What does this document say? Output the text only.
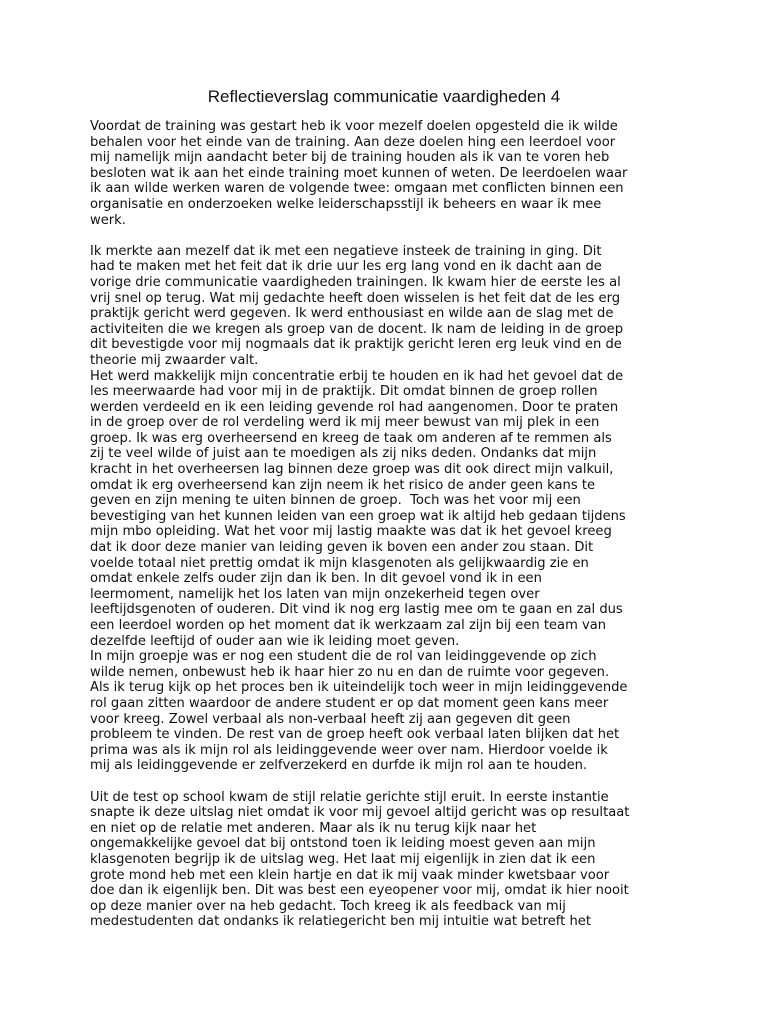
Reflectieverslag communicatie vaardigheden 4
Voordat de training was gestart heb ik voor mezelf doelen opgesteld die ik wilde
behalen voor het einde van de training. Aan deze doelen hing een leerdoel voor
mij namelijk mijn aandacht beter bij de training houden als ik van te voren heb
besloten wat ik aan het einde training moet kunnen of weten. De leerdoelen waar
ik aan wilde werken waren de volgende twee: omgaan met conflicten binnen een
organisatie en onderzoeken welke leiderschapsstijl ik beheers en waar ik mee
werk.
Ik merkte aan mezelf dat ik met een negatieve insteek de training in ging. Dit
had te maken met het feit dat ik drie uur les erg lang vond en ik dacht aan de
vorige drie communicatie vaardigheden trainingen. Ik kwam hier de eerste les al
vrij snel op terug. Wat mij gedachte heeft doen wisselen is het feit dat de les erg
praktijk gericht werd gegeven. Ik werd enthousiast en wilde aan de slag met de
activiteiten die we kregen als groep van de docent. Ik nam de leiding in de groep
dit bevestigde voor mij nogmaals dat ik praktijk gericht leren erg leuk vind en de
theorie mij zwaarder valt.
Het werd makkelijk mijn concentratie erbij te houden en ik had het gevoel dat de
les meerwaarde had voor mij in de praktijk. Dit omdat binnen de groep rollen
werden verdeeld en ik een leiding gevende rol had aangenomen. Door te praten
in de groep over de rol verdeling werd ik mij meer bewust van mij plek in een
groep. Ik was erg overheersend en kreeg de taak om anderen af te remmen als
zij te veel wilde of juist aan te moedigen als zij niks deden. Ondanks dat mijn
kracht in het overheersen lag binnen deze groep was dit ook direct mijn valkuil,
omdat ik erg overheersend kan zijn neem ik het risico de ander geen kans te
geven en zijn mening te uiten binnen de groep.  Toch was het voor mij een
bevestiging van het kunnen leiden van een groep wat ik altijd heb gedaan tijdens
mijn mbo opleiding. Wat het voor mij lastig maakte was dat ik het gevoel kreeg
dat ik door deze manier van leiding geven ik boven een ander zou staan. Dit
voelde totaal niet prettig omdat ik mijn klasgenoten als gelijkwaardig zie en
omdat enkele zelfs ouder zijn dan ik ben. In dit gevoel vond ik in een
leermoment, namelijk het los laten van mijn onzekerheid tegen over
leeftijdsgenoten of ouderen. Dit vind ik nog erg lastig mee om te gaan en zal dus
een leerdoel worden op het moment dat ik werkzaam zal zijn bij een team van
dezelfde leeftijd of ouder aan wie ik leiding moet geven.
In mijn groepje was er nog een student die de rol van leidinggevende op zich
wilde nemen, onbewust heb ik haar hier zo nu en dan de ruimte voor gegeven.
Als ik terug kijk op het proces ben ik uiteindelijk toch weer in mijn leidinggevende
rol gaan zitten waardoor de andere student er op dat moment geen kans meer
voor kreeg. Zowel verbaal als non-verbaal heeft zij aan gegeven dit geen
probleem te vinden. De rest van de groep heeft ook verbaal laten blijken dat het
prima was als ik mijn rol als leidinggevende weer over nam. Hierdoor voelde ik
mij als leidinggevende er zelfverzekerd en durfde ik mijn rol aan te houden.
Uit de test op school kwam de stijl relatie gerichte stijl eruit. In eerste instantie
snapte ik deze uitslag niet omdat ik voor mij gevoel altijd gericht was op resultaat
en niet op de relatie met anderen. Maar als ik nu terug kijk naar het
ongemakkelijke gevoel dat bij ontstond toen ik leiding moest geven aan mijn
klasgenoten begrijp ik de uitslag weg. Het laat mij eigenlijk in zien dat ik een
grote mond heb met een klein hartje en dat ik mij vaak minder kwetsbaar voor
doe dan ik eigenlijk ben. Dit was best een eyeopener voor mij, omdat ik hier nooit
op deze manier over na heb gedacht. Toch kreeg ik als feedback van mij
medestudenten dat ondanks ik relatiegericht ben mij intuitie wat betreft het
